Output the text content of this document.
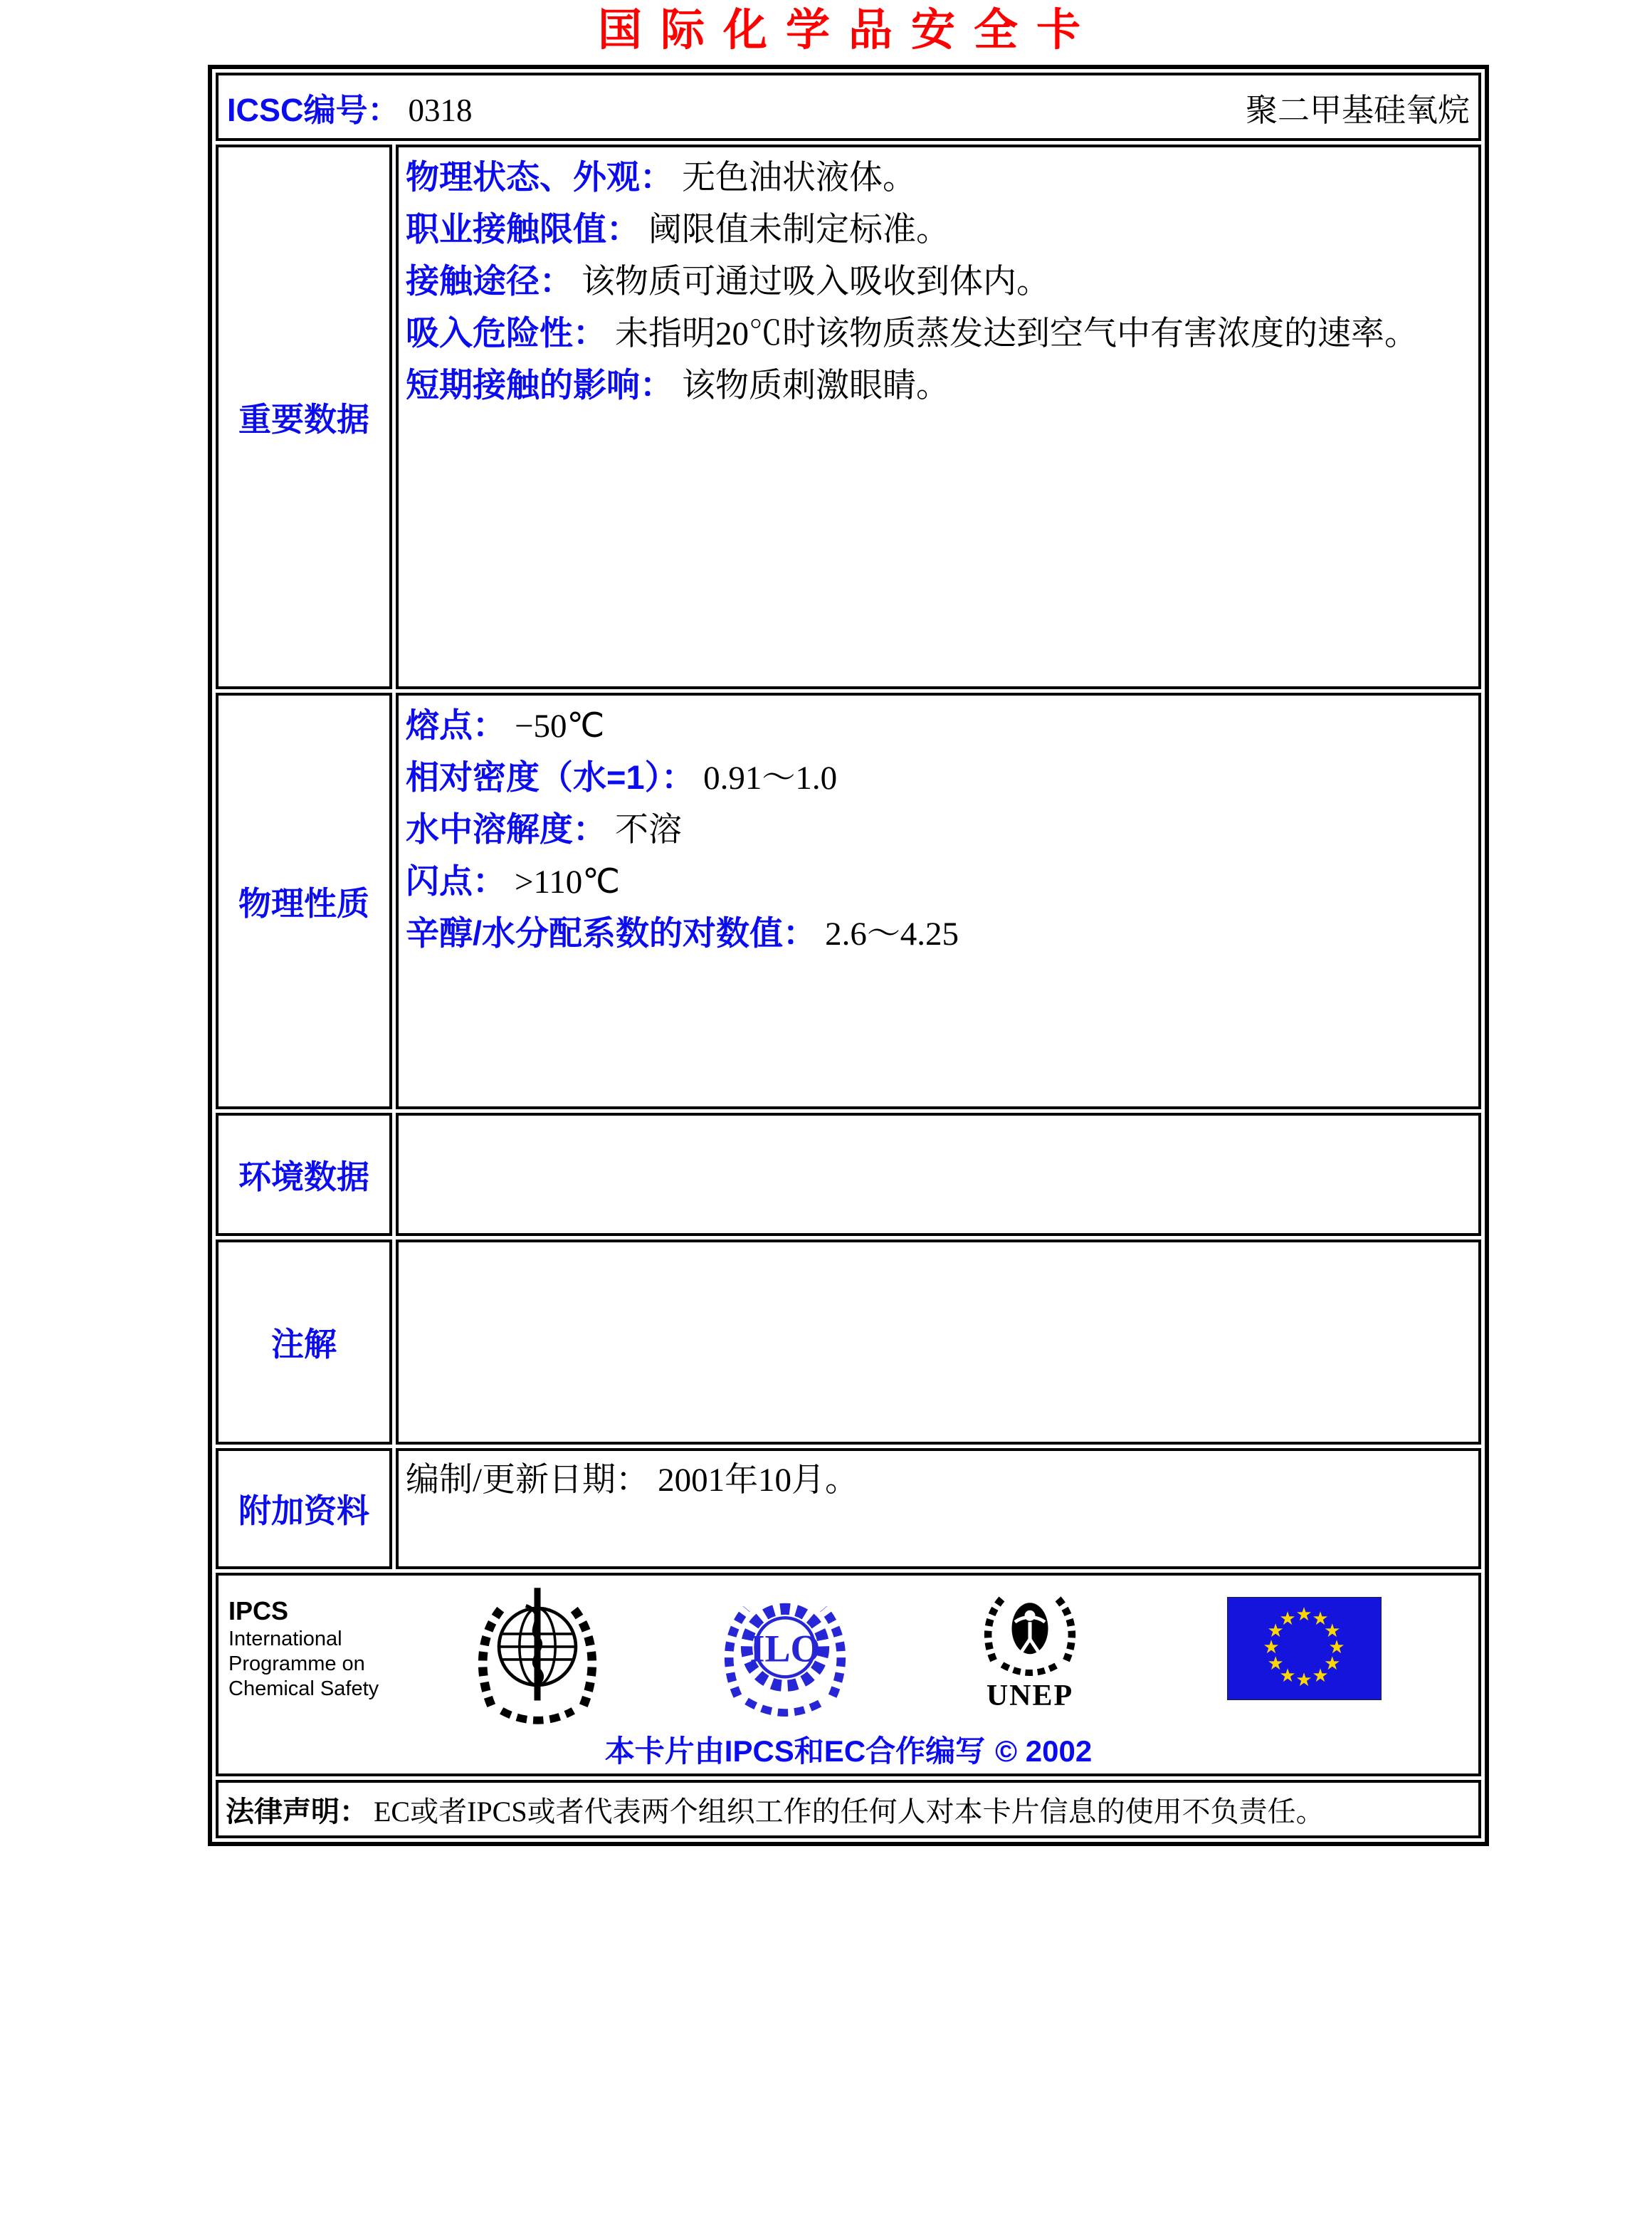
国际化学品安全卡
ICSC编号： 0318 聚二甲基硅氧烷	

重要数据	物理状态、外观： 无色油状液体。
职业接触限值： 阈限值未制定标准。
接触途径： 该物质可通过吸入吸收到体内。
吸入危险性： 未指明20℃时该物质蒸发达到空气中有害浓度的速率。
短期接触的影响： 该物质刺激眼睛。

物理性质	熔点： −50℃
相对密度（水=1）： 0.91～1.0
水中溶解度： 不溶
闪点： >110℃
辛醇/水分配系数的对数值： 2.6～4.25

环境数据	
注解	
附加资料	编制/更新日期： 2001年10月。

IPCS
International
Programme on
Chemical Safety
ILO
UNEP
★ ★
★
★
★
★
★
★
★
★
★
★
本卡片由IPCS和EC合作编写 © 2002

法律声明： EC或者IPCS或者代表两个组织工作的任何人对本卡片信息的使用不负责任。	
